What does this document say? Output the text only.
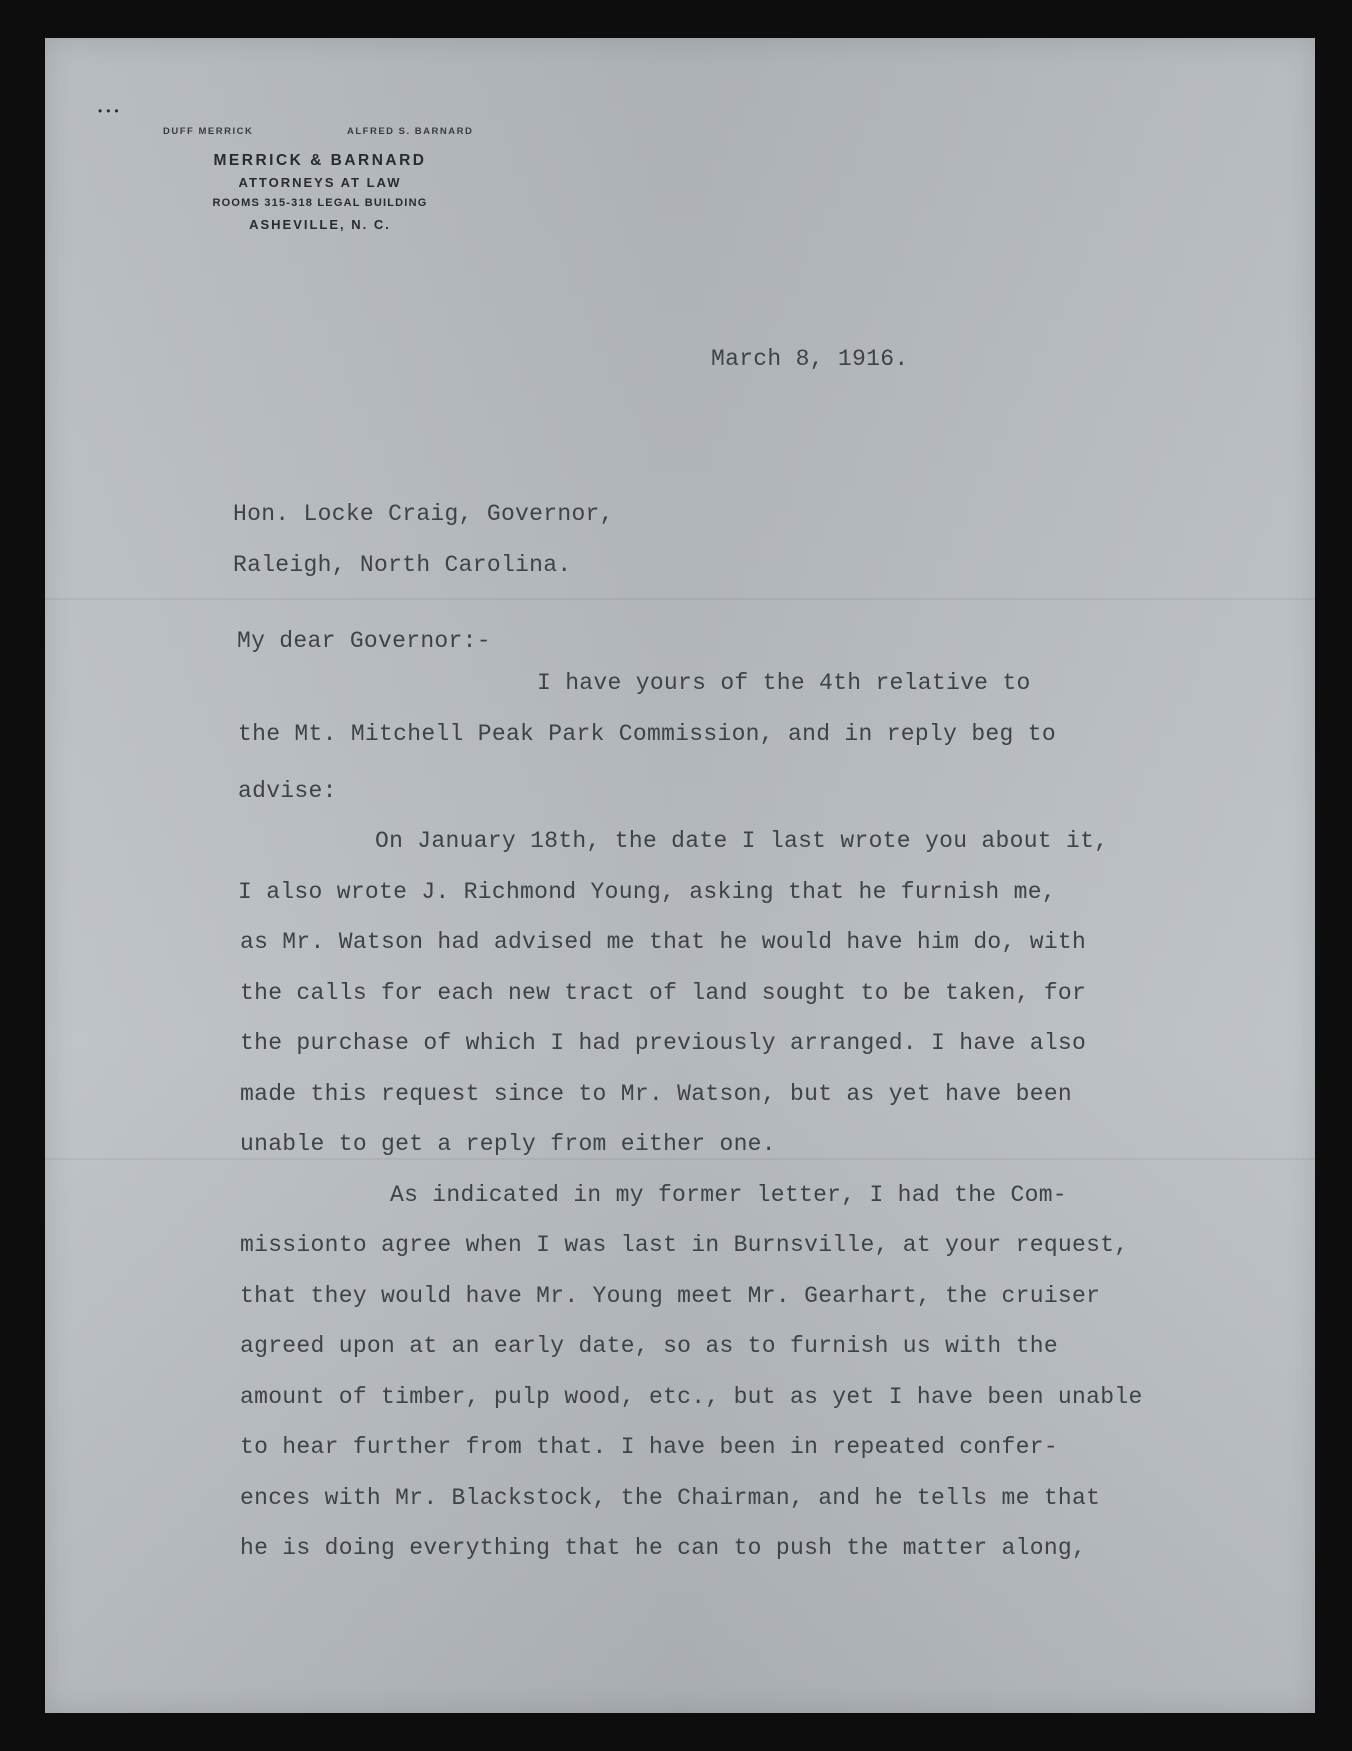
•••
DUFF MERRICK	ALFRED S. BARNARD
MERRICK & BARNARD
ATTORNEYS AT LAW
ROOMS 315-318 LEGAL BUILDING
ASHEVILLE, N. C.
March 8, 1916.
Hon. Locke Craig, Governor,
Raleigh, North Carolina.
My dear Governor:-
I have yours of the 4th relative to
the Mt. Mitchell Peak Park Commission, and in reply beg to
advise:
On January 18th, the date I last wrote you about it,
I also wrote J. Richmond Young, asking that he furnish me,
as Mr. Watson had advised me that he would have him do, with
the calls for each new tract of land sought to be taken, for
the purchase of which I had previously arranged. I have also
made this request since to Mr. Watson, but as yet have been
unable to get a reply from either one.
As indicated in my former letter, I had the Com-
missionto agree when I was last in Burnsville, at your request,
that they would have Mr. Young meet Mr. Gearhart, the cruiser
agreed upon at an early date, so as to furnish us with the
amount of timber, pulp wood, etc., but as yet I have been unable
to hear further from that. I have been in repeated confer-
ences with Mr. Blackstock, the Chairman, and he tells me that
he is doing everything that he can to push the matter along,
